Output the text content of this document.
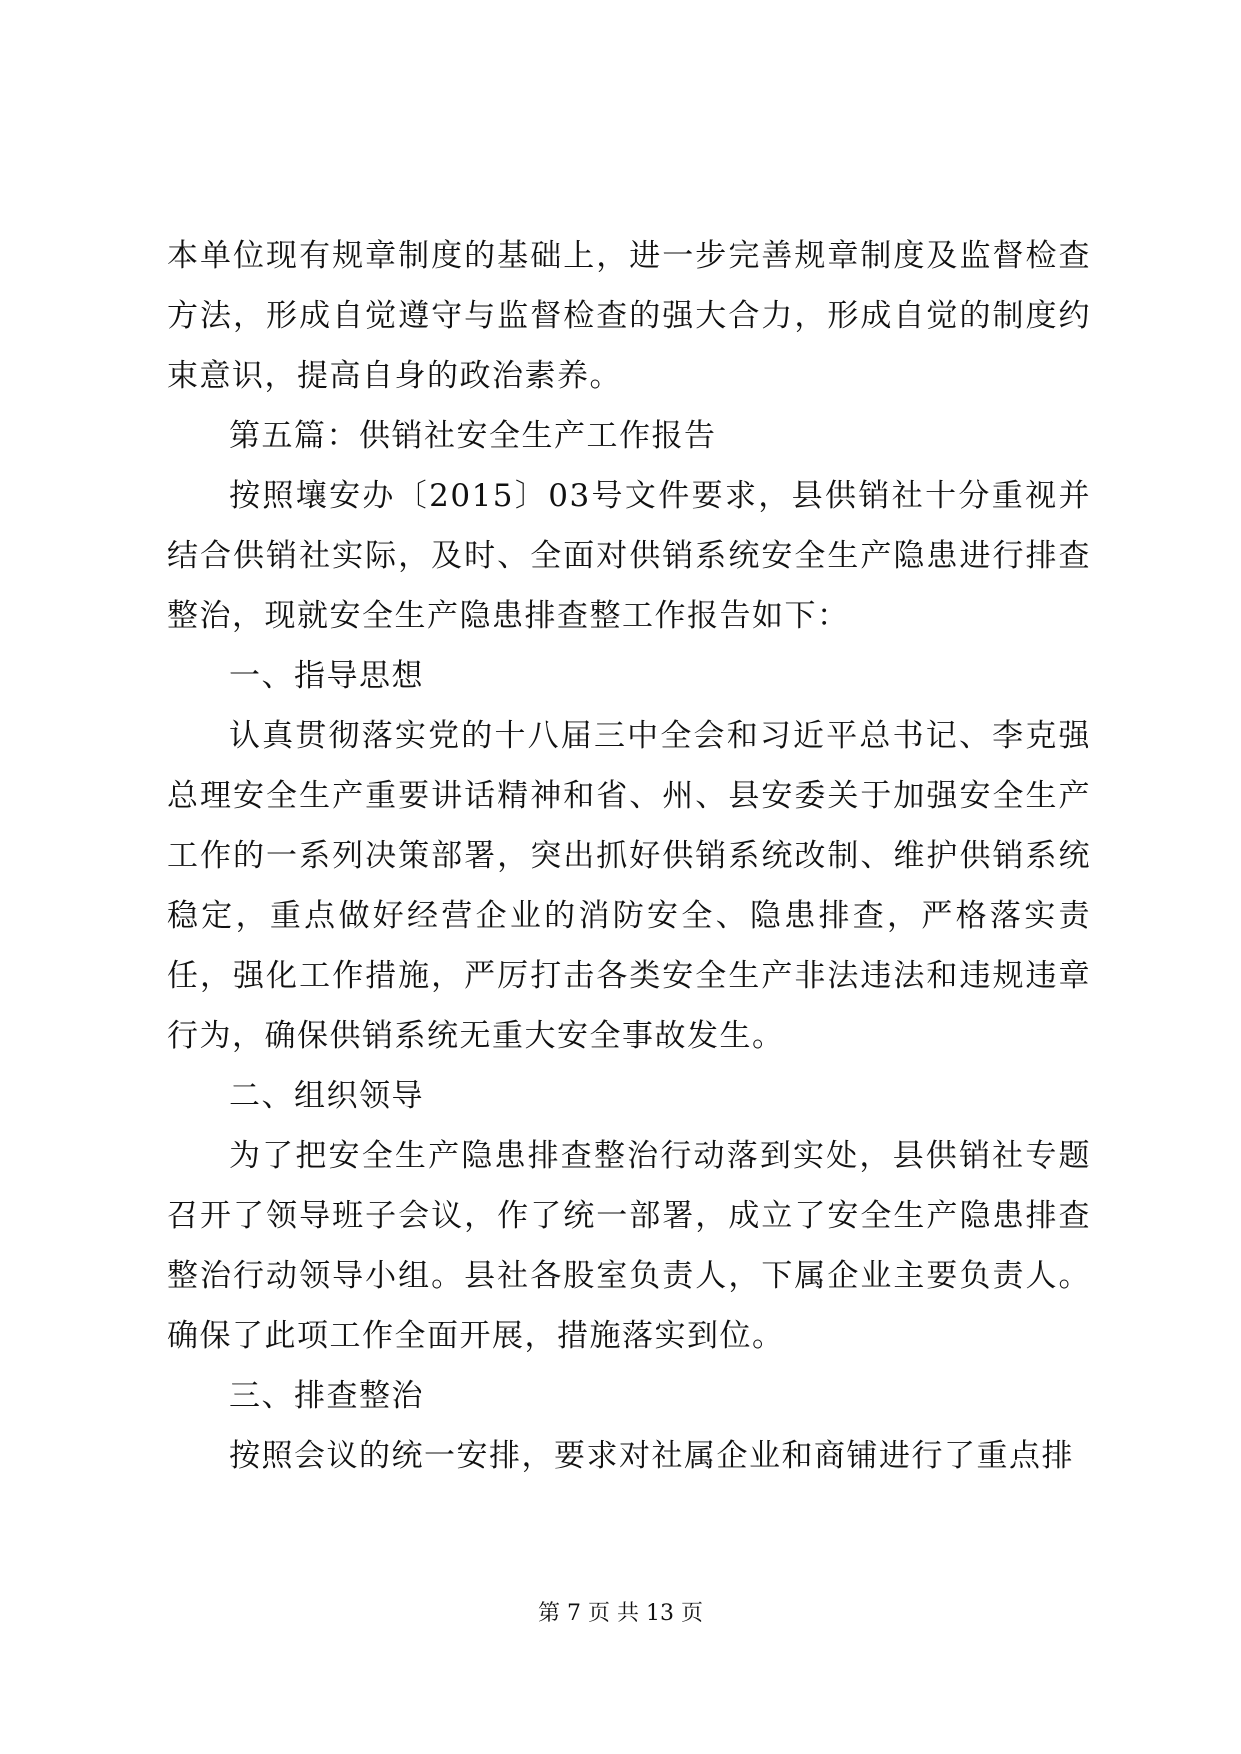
本单位现有规章制度的基础上，进一步完善规章制度及监督检查方法，形成自觉遵守与监督检查的强大合力，形成自觉的制度约束意识，提高自身的政治素养。

第五篇：供销社安全生产工作报告

按照壤安办〔2015〕03号文件要求，县供销社十分重视并结合供销社实际，及时、全面对供销系统安全生产隐患进行排查整治，现就安全生产隐患排查整工作报告如下：

一、指导思想

认真贯彻落实党的十八届三中全会和习近平总书记、李克强总理安全生产重要讲话精神和省、州、县安委关于加强安全生产工作的一系列决策部署，突出抓好供销系统改制、维护供销系统稳定，重点做好经营企业的消防安全、隐患排查，严格落实责任，强化工作措施，严厉打击各类安全生产非法违法和违规违章行为，确保供销系统无重大安全事故发生。

二、组织领导

为了把安全生产隐患排查整治行动落到实处，县供销社专题召开了领导班子会议，作了统一部署，成立了安全生产隐患排查整治行动领导小组。县社各股室负责人，下属企业主要负责人。确保了此项工作全面开展，措施落实到位。

三、排查整治

按照会议的统一安排，要求对社属企业和商铺进行了重点排

第 7 页 共 13 页
